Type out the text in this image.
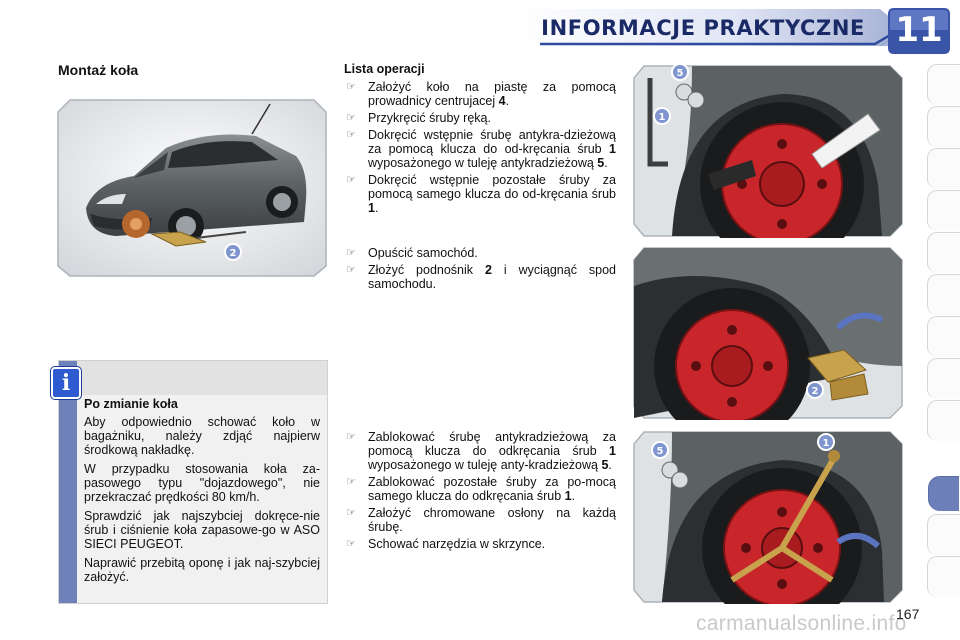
INFORMACJE PRAKTYCZNE 11
Montaż koła
2
i
Po zmianie koła

Aby odpowiednio schować koło w bagażniku, należy zdjąć najpierw środkową nakładkę.

W przypadku stosowania koła za-pasowego typu "dojazdowego", nie przekraczać prędkości 80 km/h.

Sprawdzić jak najszybciej dokręce-nie śrub i ciśnienie koła zapasowe-go w ASO SIECI PEUGEOT.

Naprawić przebitą oponę i jak naj-szybciej założyć.

Lista operacji
☞ Założyć koło na piastę za pomocą prowadnicy centrujacej 4.
☞ Przykręcić śruby ręką.
☞ Dokręcić wstępnie śrubę antykra-dzieżową za pomocą klucza do od-kręcania śrub 1 wyposażonego w tuleję antykradzieżową 5.
☞ Dokręcić wstępnie pozostałe śruby za pomocą samego klucza do od-kręcania śrub 1.
☞ Opuścić samochód.
☞ Złożyć podnośnik 2 i wyciągnąć spod samochodu.
☞ Zablokować śrubę antykradzieżową za pomocą klucza do odkręcania śrub 1 wyposażonego w tuleję anty-kradzieżową 5.
☞ Zablokować pozostałe śruby za po-mocą samego klucza do odkręcania śrub 1.
☞ Założyć chromowane osłony na każdą śrubę.
☞ Schować narzędzia w skrzynce.
5
1
2
5
1
carmanualsonline.info
167
